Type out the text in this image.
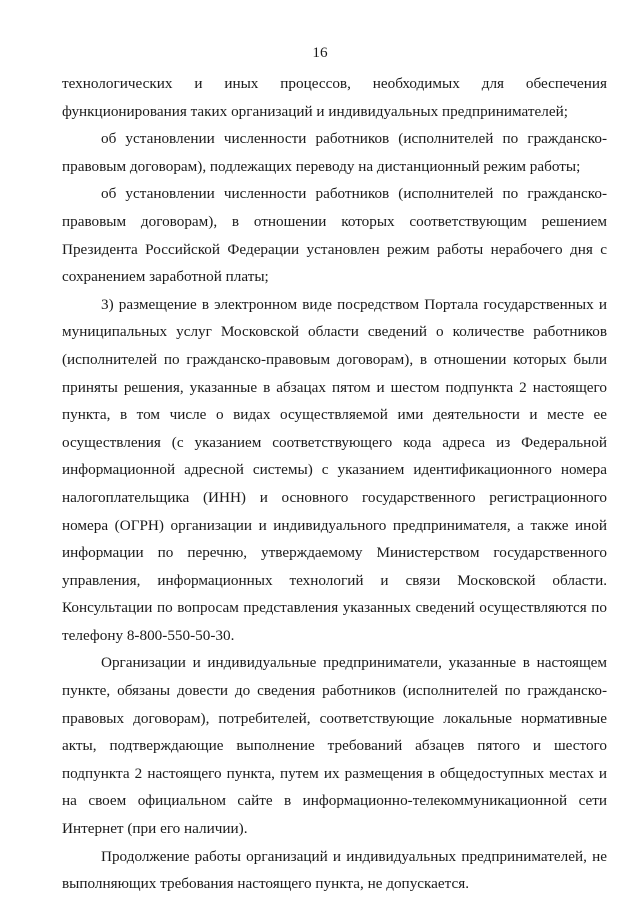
16

технологических и иных процессов, необходимых для обеспечения функционирования таких организаций и индивидуальных предпринимателей;

об установлении численности работников (исполнителей по гражданско-правовым договорам), подлежащих переводу на дистанционный режим работы;

об установлении численности работников (исполнителей по гражданско-правовым договорам), в отношении которых соответствующим решением Президента Российской Федерации установлен режим работы нерабочего дня с сохранением заработной платы;

3) размещение в электронном виде посредством Портала государственных и муниципальных услуг Московской области сведений о количестве работников (исполнителей по гражданско-правовым договорам), в отношении которых были приняты решения, указанные в абзацах пятом и шестом подпункта 2 настоящего пункта, в том числе о видах осуществляемой ими деятельности и месте ее осуществления (с указанием соответствующего кода адреса из Федеральной информационной адресной системы) с указанием идентификационного номера налогоплательщика (ИНН) и основного государственного регистрационного номера (ОГРН) организации и индивидуального предпринимателя, а также иной информации по перечню, утверждаемому Министерством государственного управления, информационных технологий и связи Московской области. Консультации по вопросам представления указанных сведений осуществляются по телефону 8-800-550-50-30.

Организации и индивидуальные предприниматели, указанные в настоящем пункте, обязаны довести до сведения работников (исполнителей по гражданско-правовых договорам), потребителей, соответствующие локальные нормативные акты, подтверждающие выполнение требований абзацев пятого и шестого подпункта 2 настоящего пункта, путем их размещения в общедоступных местах и на своем официальном сайте в информационно-телекоммуникационной сети Интернет (при его наличии).

Продолжение работы организаций и индивидуальных предпринимателей, не выполняющих требования настоящего пункта, не допускается.
